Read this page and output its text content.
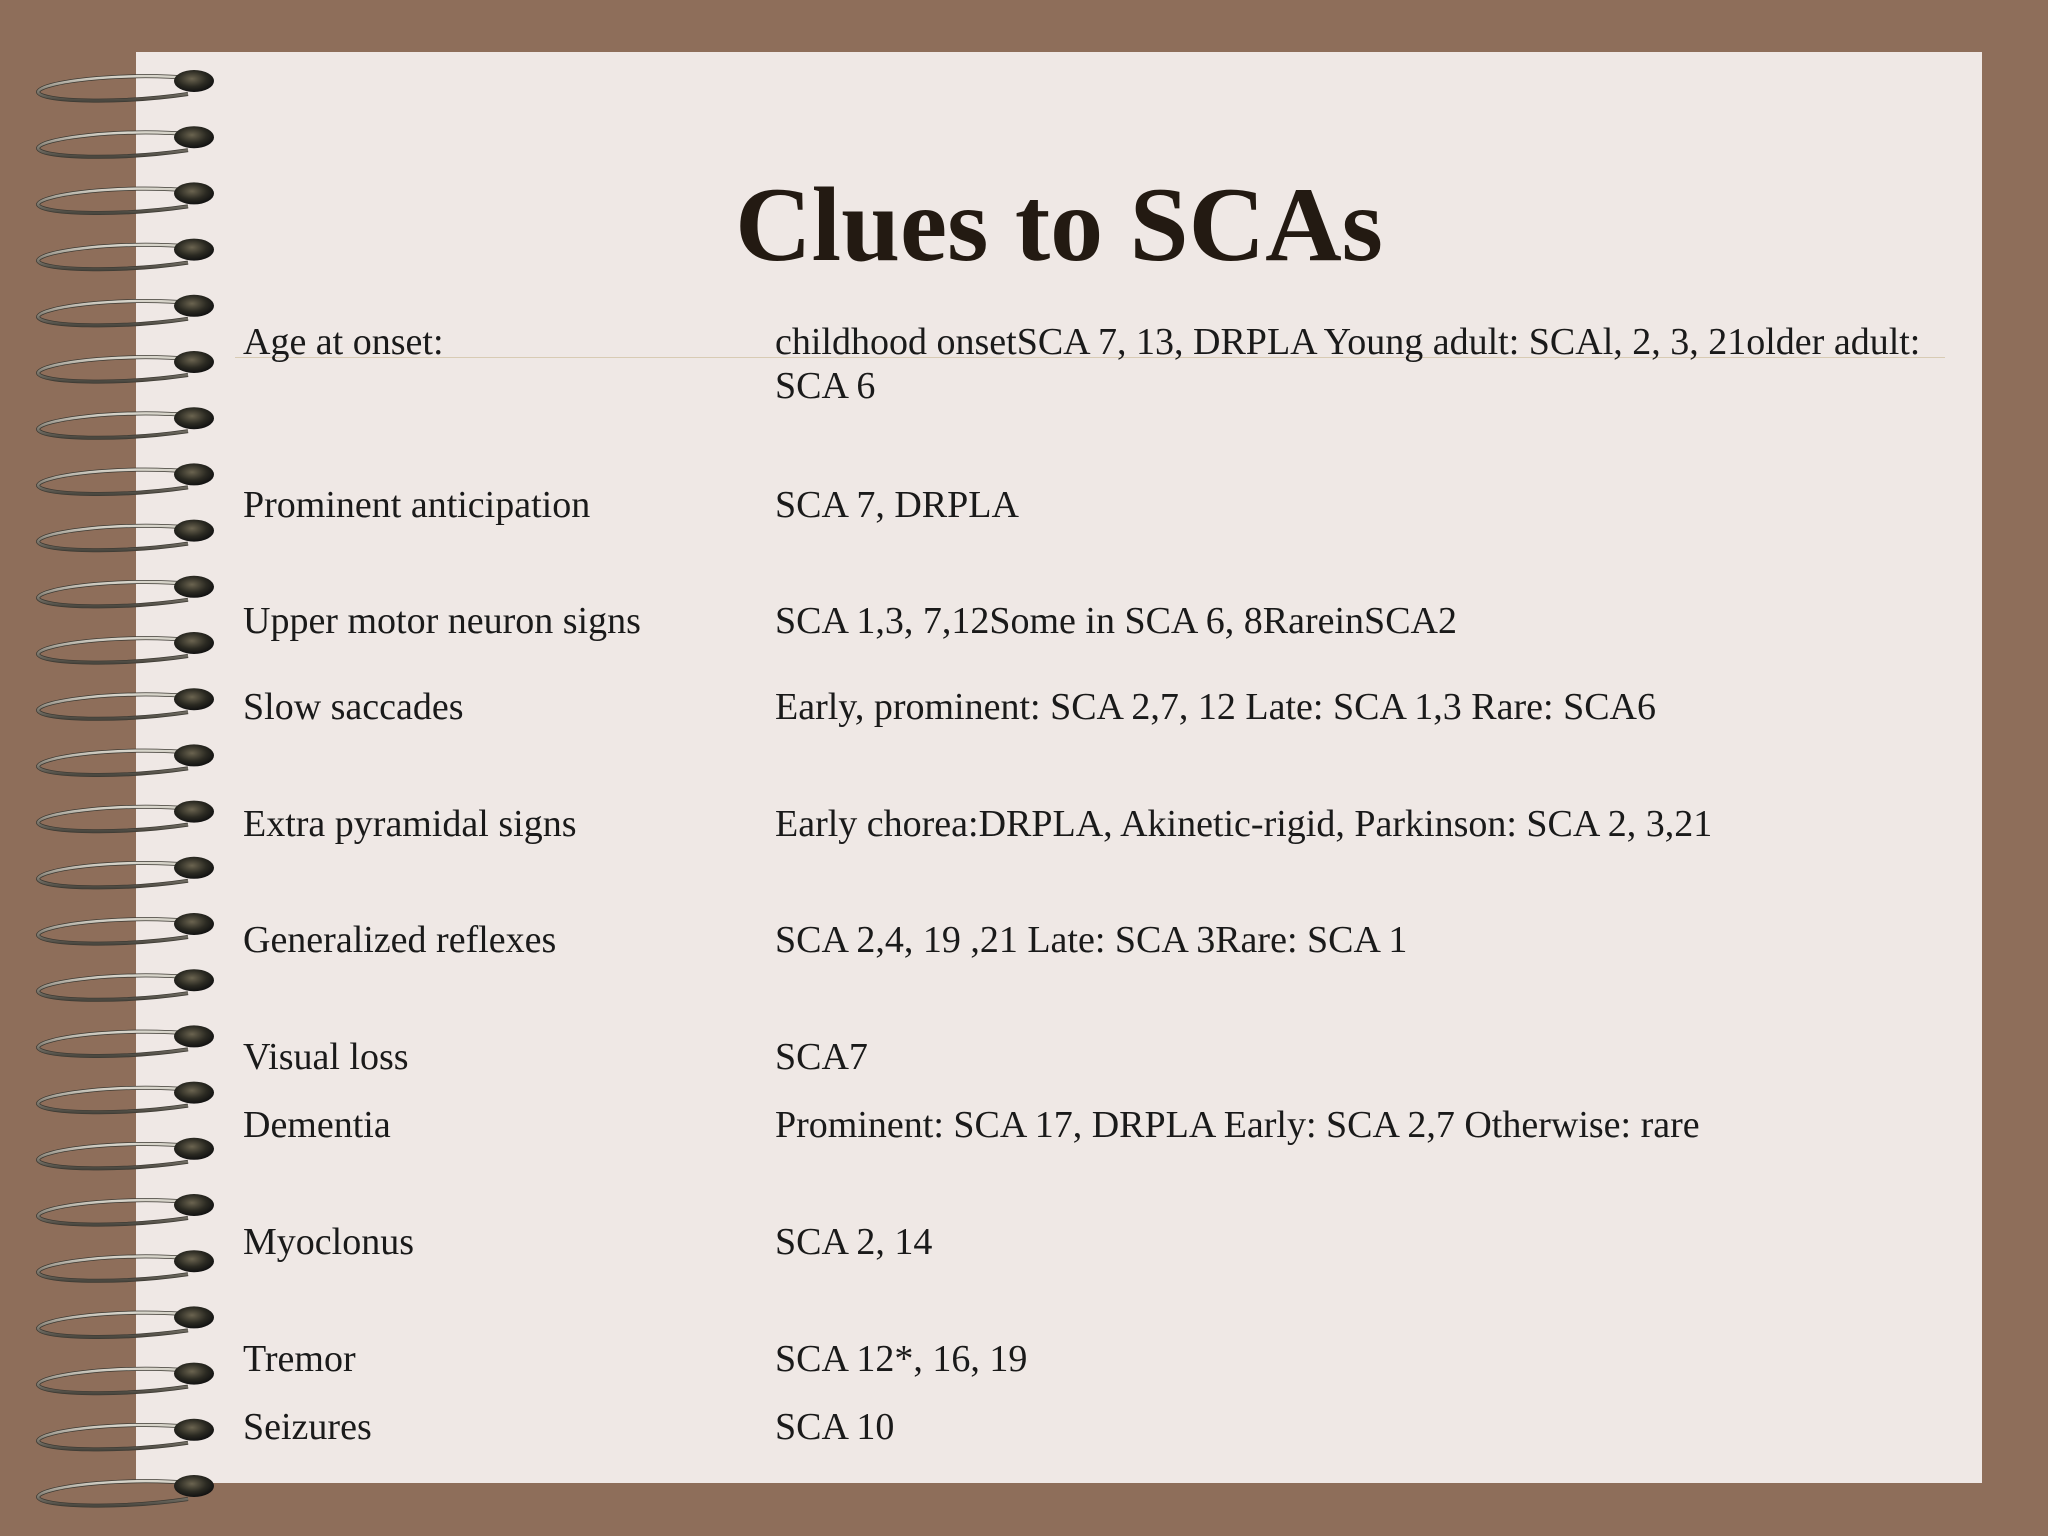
Clues to SCAs
Age at onset:	childhood onsetSCA 7, 13, DRPLA Young adult: SCAl, 2, 3, 21older adult: SCA 6
Prominent anticipation	SCA 7, DRPLA
Upper motor neuron signs	SCA 1,3, 7,12Some in SCA 6, 8RareinSCA2
Slow saccades	Early, prominent: SCA 2,7, 12 Late: SCA 1,3 Rare: SCA6
Extra pyramidal signs	Early chorea:DRPLA, Akinetic-rigid, Parkinson: SCA 2, 3,21
Generalized reflexes	SCA 2,4, 19 ,21 Late: SCA 3Rare: SCA 1
Visual loss	SCA7
Dementia	Prominent: SCA 17, DRPLA Early: SCA 2,7 Otherwise: rare
Myoclonus	SCA 2, 14
Tremor	SCA 12*, 16, 19
Seizures	SCA 10
